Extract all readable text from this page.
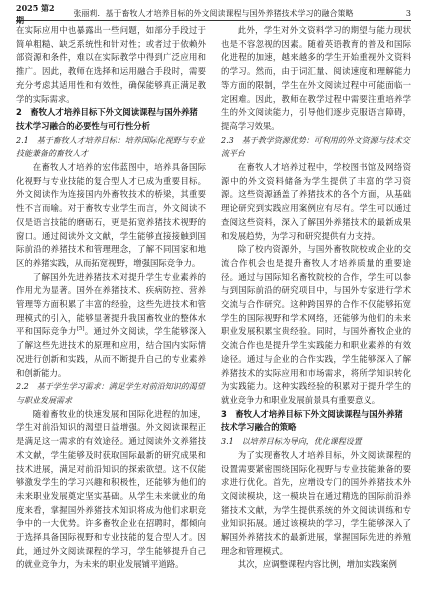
2025 第2 期
张丽莉．基于畜牧人才培养目标的外文阅读课程与国外养猪技术学习的融合策略	3

在实际应用中也暴露出一些问题，如部分手段过于简单粗糙、缺乏系统性和针对性；或者过于依赖外部资源和条件，难以在实际教学中得到广泛应用和推广。因此，教师在选择和运用融合手段时，需要充分考虑其适用性和有效性，确保能够真正满足教学的实际需求。

2　畜牧人才培养目标下外文阅读课程与国外养猪技术学习融合的必要性与可行性分析
2.1　基于畜牧人才培养目标：培养国际化视野与专业技能兼备的畜牧人才

在畜牧人才培养的宏伟蓝图中，培养具备国际化视野与专业技能的复合型人才已成为重要目标。外文阅读作为连接国内外畜牧技术的桥梁，其重要性不言而喻。对于畜牧专业学生而言，外文阅读不仅是语言技能的磨砺石，更是拓宽养猪技术视野的窗口。通过阅读外文文献，学生能够直接接触到国际前沿的养猪技术和管理理念，了解不同国家和地区的养猪实践，从而拓宽视野，增强国际竞争力。

了解国外先进养猪技术对提升学生专业素养的作用尤为显著。国外在养猪技术、疾病防控、营养管理等方面积累了丰富的经验，这些先进技术和管理模式的引入，能够显著提升我国畜牧业的整体水平和国际竞争力[5]。通过外文阅读，学生能够深入了解这些先进技术的原理和应用，结合国内实际情况进行创新和实践，从而不断提升自己的专业素养和创新能力。

2.2　基于学生学习需求：满足学生对前沿知识的渴望与职业发展需求

随着畜牧业的快速发展和国际化进程的加速，学生对前沿知识的渴望日益增强。外文阅读课程正是满足这一需求的有效途径。通过阅读外文养猪技术文献，学生能够及时获取国际最新的研究成果和技术进展，满足对前沿知识的探索欲望。这不仅能够激发学生的学习兴趣和积极性，还能够为他们的未来职业发展奠定坚实基础。从学生未来就业的角度来看，掌握国外养猪技术知识将成为他们求职竞争中的一大优势。许多畜牧企业在招聘时，都倾向于选择具备国际视野和专业技能的复合型人才。因此，通过外文阅读课程的学习，学生能够提升自己的就业竞争力，为未来的职业发展铺平道路。

此外，学生对外文资料学习的期望与能力现状也是不容忽视的因素。随着英语教育的普及和国际化进程的加速，越来越多的学生开始重视外文资料的学习。然而，由于词汇量、阅读速度和理解能力等方面的限制，学生在外文阅读过程中可能面临一定困难。因此，教师在教学过程中需要注重培养学生的外文阅读能力，引导他们逐步克服语言障碍，提高学习效果。

2.3　基于教学资源优势：可利用的外文资源与技术交流平台

在畜牧人才培养过程中，学校图书馆及网络资源中的外文资料储备为学生提供了丰富的学习资源。这些资源涵盖了养猪技术的各个方面，从基础理论研究到实践应用案例应有尽有。学生可以通过查阅这些资料，深入了解国外养猪技术的最新成果和发展趋势，为学习和研究提供有力支持。

除了校内资源外，与国外畜牧院校或企业的交流合作机会也是提升畜牧人才培养质量的重要途径。通过与国际知名畜牧院校的合作，学生可以参与到国际前沿的研究项目中，与国外专家进行学术交流与合作研究。这种跨国界的合作不仅能够拓宽学生的国际视野和学术网络，还能够为他们的未来职业发展积累宝贵经验。同时，与国外畜牧企业的交流合作也是提升学生实践能力和职业素养的有效途径。通过与企业的合作实践，学生能够深入了解养猪技术的实际应用和市场需求，将所学知识转化为实践能力。这种实践经验的积累对于提升学生的就业竞争力和职业发展前景具有重要意义。

3　畜牧人才培养目标下外文阅读课程与国外养猪技术学习融合的策略
3.1　以培养目标为导向，优化课程设置

为了实现畜牧人才培养目标，外文阅读课程的设置需要紧密围绕国际化视野与专业技能兼备的要求进行优化。首先，应增设专门的国外养猪技术外文阅读模块，这一模块旨在通过精选的国际前沿养猪技术文献，为学生提供系统的外文阅读训练和专业知识拓展。通过该模块的学习，学生能够深入了解国外养猪技术的最新进展，掌握国际先进的养殖理念和管理模式。

其次，应调整课程内容比例，增加实践案例
